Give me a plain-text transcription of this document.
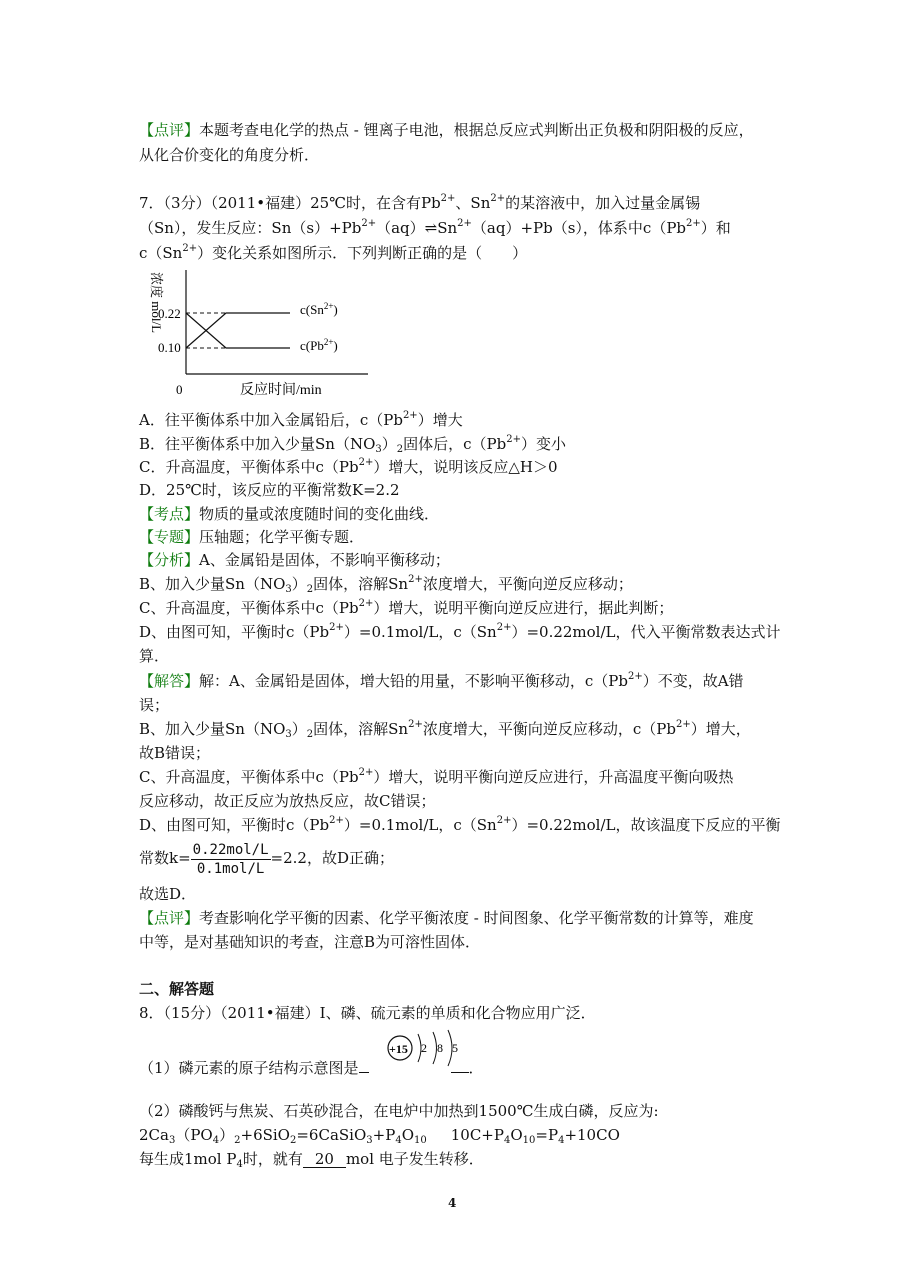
【点评】本题考查电化学的热点 - 锂离子电池，根据总反应式判断出正负极和阴阳极的反应，
从化合价变化的角度分析．
7．（3分）（2011•福建）25℃时，在含有$Pb^{2+}$、$Sn^{2+}$的某溶液中，加入过量金属锡
（Sn），发生反应：$Sn(s)+Pb^{2+}(aq)\rightleftharpoons Sn^{2+}(aq)+Pb(s)$，体系中$c(Pb^{2+})$和
$c(Sn^{2+})$变化关系如图所示．下列判断正确的是（　　）
浓度 mol/L
0.22
0.10
$c(Sn^{2+})$
$c(Pb^{2+})$
0	反应时间/min
A．往平衡体系中加入金属铅后，$c(Pb^{2+})$增大
B．往平衡体系中加入少量$Sn(NO_3)_2$固体后，$c(Pb^{2+})$变小
C．升高温度，平衡体系中$c(Pb^{2+})$增大，说明该反应△H＞0
D．25℃时，该反应的平衡常数K=2.2
【考点】物质的量或浓度随时间的变化曲线．
【专题】压轴题；化学平衡专题．
【分析】A、金属铅是固体，不影响平衡移动；
B、加入少量$Sn(NO_3)_2$固体，溶解$Sn^{2+}$浓度增大，平衡向逆反应移动；
C、升高温度，平衡体系中$c(Pb^{2+})$增大，说明平衡向逆反应进行，据此判断；
D、由图可知，平衡时$c(Pb^{2+})=0.1mol/L$，$c(Sn^{2+})=0.22mol/L$，代入平衡常数表达式计
算．
【解答】解：A、金属铅是固体，增大铅的用量，不影响平衡移动，$c(Pb^{2+})$不变，故A错
误；
B、加入少量$Sn(NO_3)_2$固体，溶解$Sn^{2+}$浓度增大，平衡向逆反应移动，$c(Pb^{2+})$增大，
故B错误；
C、升高温度，平衡体系中$c(Pb^{2+})$增大，说明平衡向逆反应进行，升高温度平衡向吸热
反应移动，故正反应为放热反应，故C错误；
D、由图可知，平衡时$c(Pb^{2+})=0.1mol/L$，$c(Sn^{2+})=0.22mol/L$，故该温度下反应的平衡
常数$k= \frac{\text{0.22mol/L}}{\text{0.1mol/L}} =2.2$，故D正确；
故选D．
【点评】考查影响化学平衡的因素、化学平衡浓度 - 时间图象、化学平衡常数的计算等，难度
中等，是对基础知识的考查，注意B为可溶性固体．
二、解答题
8．（15分）（2011•福建）Ⅰ、磷、硫元素的单质和化合物应用广泛．
（1）磷元素的原子结构示意图是	．
+15 2 8 5
（2）磷酸钙与焦炭、石英砂混合，在电炉中加热到1500℃生成白磷，反应为:
$2Ca_3(PO_4)_2+6SiO_2=6CaSiO_3+P_4O_{10}$ $10C+P_4O_{10}=P_4+10CO$
每生成1mol $P_4$时，就有 20 mol 电子发生转移．
4
